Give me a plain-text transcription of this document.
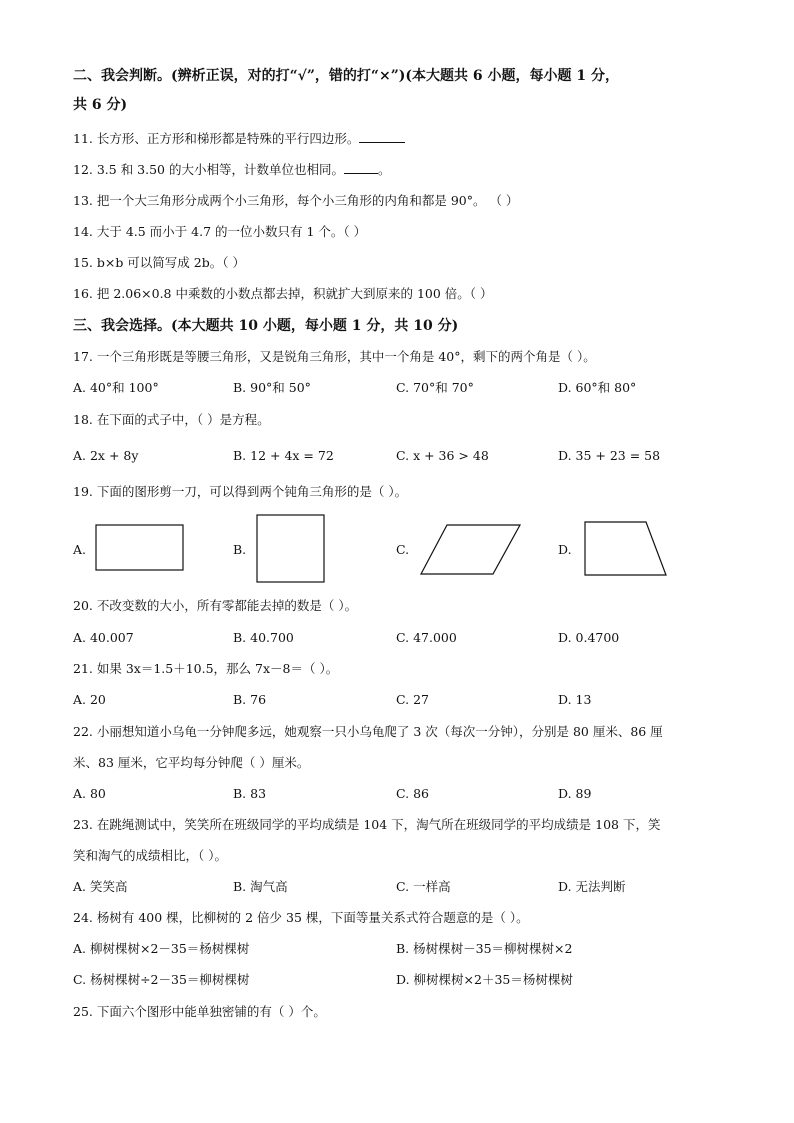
二、我会判断。(辨析正误，对的打“√”，错的打“×”)(本大题共 6 小题，每小题 1 分，
共 6 分)
11. 长方形、正方形和梯形都是特殊的平行四边形。
12. 3.5 和 3.50 的大小相等，计数单位也相同。	。
13. 把一个大三角形分成两个小三角形，每个小三角形的内角和都是 90°。 （ ）
14. 大于 4.5 而小于 4.7 的一位小数只有 1 个。（ ）
15. b×b 可以简写成 2b。（ ）
16. 把 2.06×0.8 中乘数的小数点都去掉，积就扩大到原来的 100 倍。（ ）
三、我会选择。(本大题共 10 小题，每小题 1 分，共 10 分)
17. 一个三角形既是等腰三角形，又是锐角三角形，其中一个角是 40°，剩下的两个角是（ ）。
A. 40°和 100°	B. 90°和 50°	C. 70°和 70°	D. 60°和 80°
18. 在下面的式子中，（ ）是方程。
A. 2x + 8y	B. 12 + 4x = 72	C. x + 36 > 48	D. 35 + 23 = 58
19. 下面的图形剪一刀，可以得到两个钝角三角形的是（ ）。
A.	B.	C.	D.
20. 不改变数的大小，所有零都能去掉的数是（ ）。
A. 40.007	B. 40.700	C. 47.000	D. 0.4700
21. 如果 3x＝1.5＋10.5，那么 7x－8＝（ ）。
A. 20	B. 76	C. 27	D. 13
22. 小丽想知道小乌龟一分钟爬多远，她观察一只小乌龟爬了 3 次（每次一分钟），分别是 80 厘米、86 厘
米、83 厘米，它平均每分钟爬（ ）厘米。
A. 80	B. 83	C. 86	D. 89
23. 在跳绳测试中，笑笑所在班级同学的平均成绩是 104 下，淘气所在班级同学的平均成绩是 108 下，笑
笑和淘气的成绩相比，（ ）。
A. 笑笑高	B. 淘气高	C. 一样高	D. 无法判断
24. 杨树有 400 棵，比柳树的 2 倍少 35 棵，下面等量关系式符合题意的是（ ）。
A. 柳树棵树×2－35＝杨树棵树	B. 杨树棵树－35＝柳树棵树×2
C. 杨树棵树÷2－35＝柳树棵树	D. 柳树棵树×2＋35＝杨树棵树
25. 下面六个图形中能单独密铺的有（ ）个。
